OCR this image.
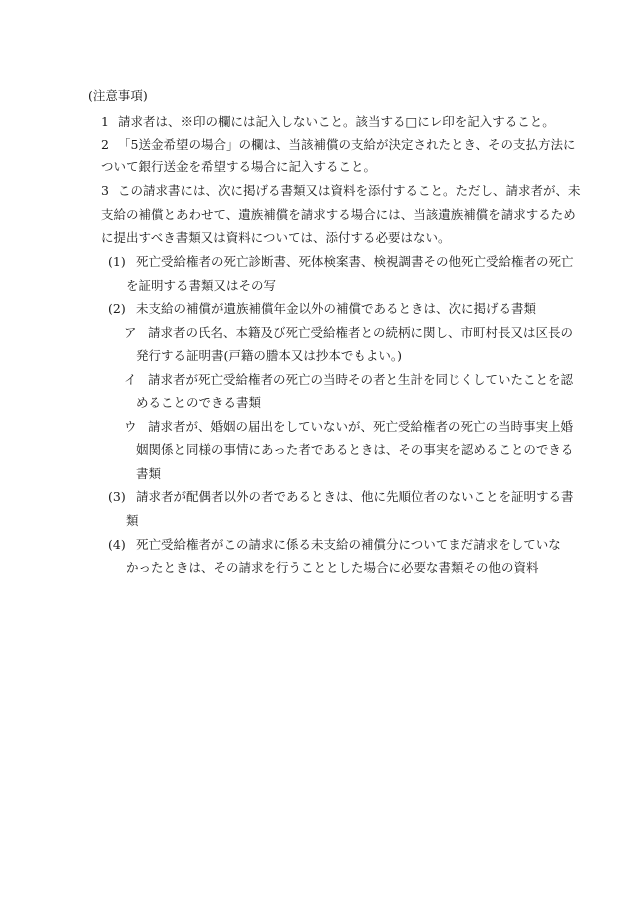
(注意事項)
1 請求者は、※印の欄には記入しないこと。該当する□にレ印を記入すること。
2 「5送金希望の場合」の欄は、当該補償の支給が決定されたとき、その支払方法に
ついて銀行送金を希望する場合に記入すること。
3 この請求書には、次に掲げる書類又は資料を添付すること。ただし、請求者が、未
支給の補償とあわせて、遺族補償を請求する場合には、当該遺族補償を請求するため
に提出すべき書類又は資料については、添付する必要はない。
(1) 死亡受給権者の死亡診断書、死体検案書、検視調書その他死亡受給権者の死亡
を証明する書類又はその写
(2) 未支給の補償が遺族補償年金以外の補償であるときは、次に掲げる書類
ア 請求者の氏名、本籍及び死亡受給権者との続柄に関し、市町村長又は区長の
発行する証明書(戸籍の謄本又は抄本でもよい。)
イ 請求者が死亡受給権者の死亡の当時その者と生計を同じくしていたことを認
めることのできる書類
ウ 請求者が、婚姻の届出をしていないが、死亡受給権者の死亡の当時事実上婚
姻関係と同様の事情にあった者であるときは、その事実を認めることのできる
書類
(3) 請求者が配偶者以外の者であるときは、他に先順位者のないことを証明する書
類
(4) 死亡受給権者がこの請求に係る未支給の補償分についてまだ請求をしていな
かったときは、その請求を行うこととした場合に必要な書類その他の資料
